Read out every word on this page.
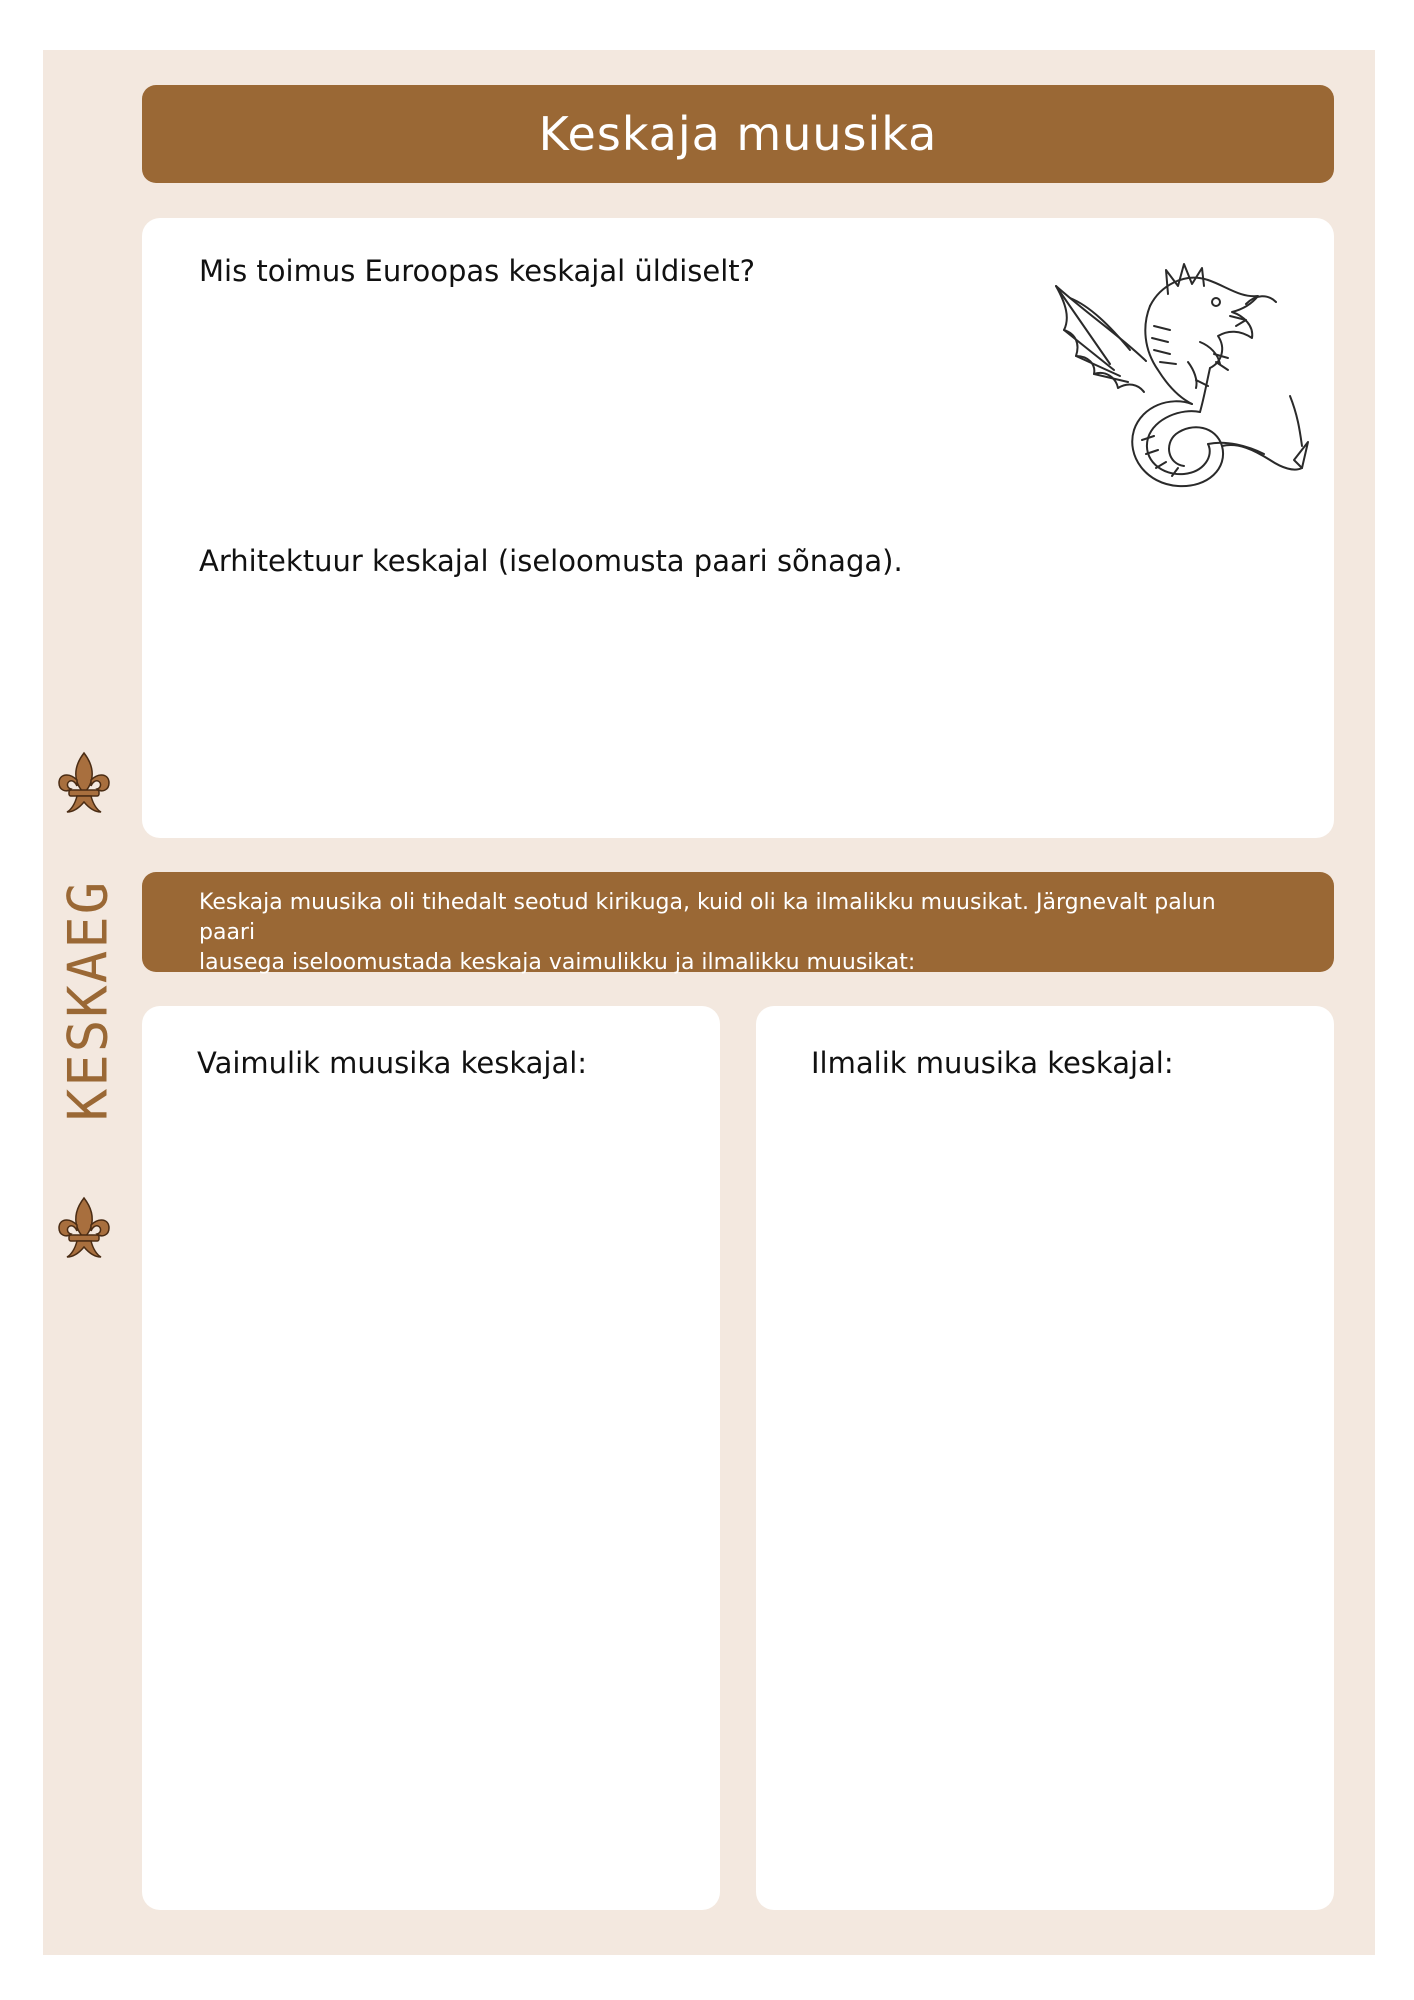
KESKAEG
Keskaja muusika

Mis toimus Euroopas keskajal üldiselt?

Arhitektuur keskajal (iseloomusta paari sõnaga).

Keskaja muusika oli tihedalt seotud kirikuga, kuid oli ka ilmalikku muusikat. Järgnevalt palun paari

lausega iseloomustada keskaja vaimulikku ja ilmalikku muusikat:

Vaimulik muusika keskajal:	Ilmalik muusika keskajal:
